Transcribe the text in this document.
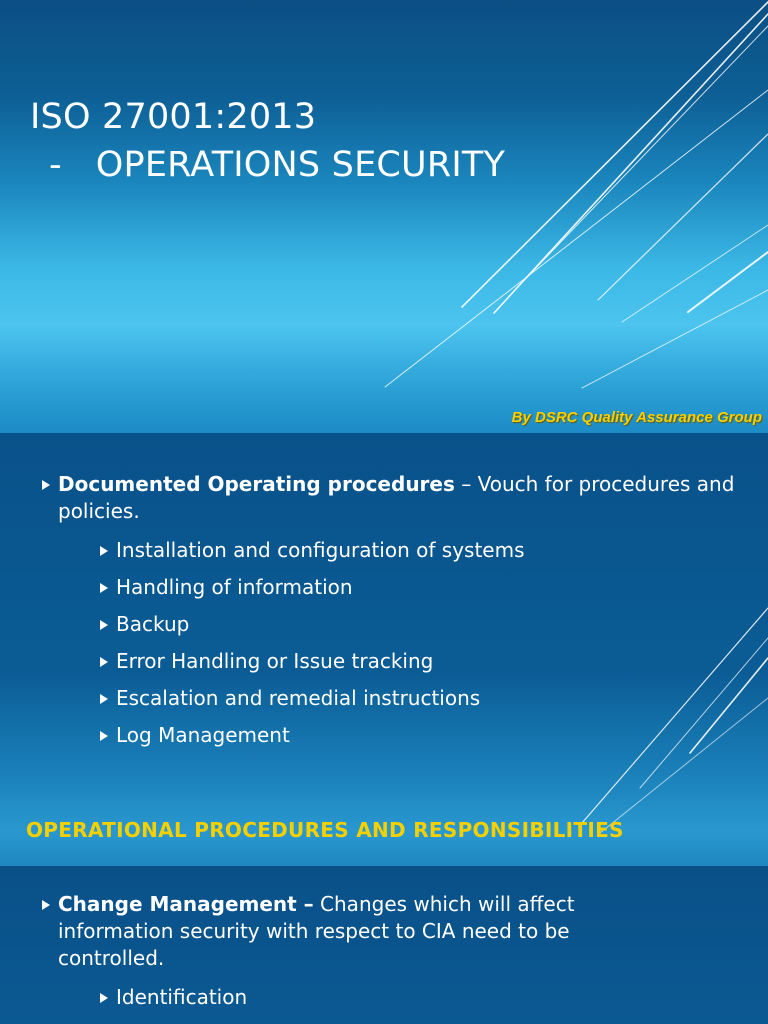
ISO 27001:2013
-   OPERATIONS SECURITY
By DSRC Quality Assurance Group
Documented Operating procedures – Vouch for procedures and policies.
Installation and configuration of systems
Handling of information
Backup
Error Handling or Issue tracking
Escalation and remedial instructions
Log Management
OPERATIONAL PROCEDURES AND RESPONSIBILITIES
Change Management – Changes which will affect information security with respect to CIA need to be controlled.
Identification
